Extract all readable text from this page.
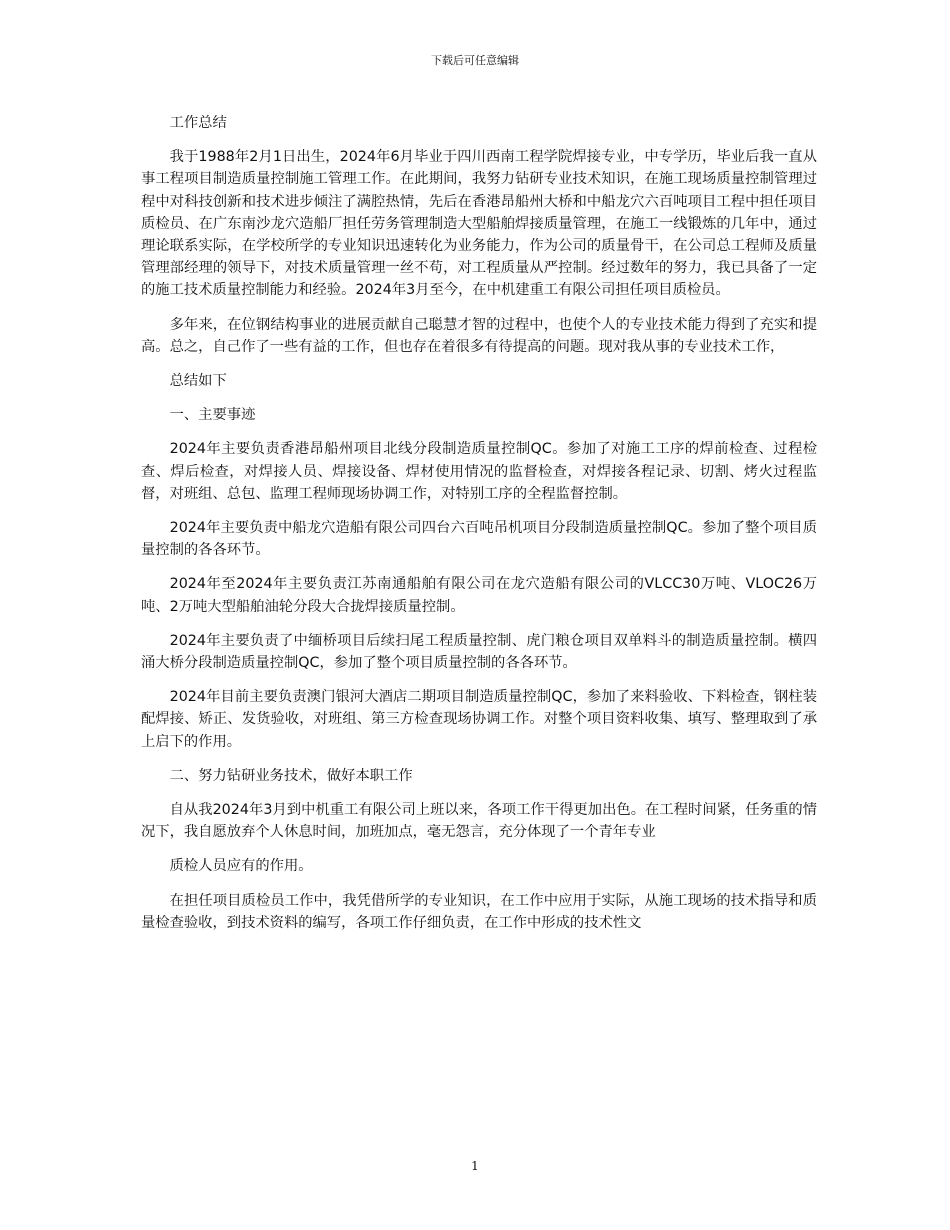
下载后可任意编辑

工作总结

我于1988年2月1日出生，2024年6月毕业于四川西南工程学院焊接专业，中专学历，毕业后我一直从事工程项目制造质量控制施工管理工作。在此期间，我努力钻研专业技术知识，在施工现场质量控制管理过程中对科技创新和技术进步倾注了满腔热情，先后在香港昂船州大桥和中船龙穴六百吨项目工程中担任项目质检员、在广东南沙龙穴造船厂担任劳务管理制造大型船舶焊接质量管理，在施工一线锻炼的几年中，通过理论联系实际，在学校所学的专业知识迅速转化为业务能力，作为公司的质量骨干，在公司总工程师及质量管理部经理的领导下，对技术质量管理一丝不苟，对工程质量从严控制。经过数年的努力，我已具备了一定的施工技术质量控制能力和经验。2024年3月至今，在中机建重工有限公司担任项目质检员。

多年来，在位钢结构事业的进展贡献自己聪慧才智的过程中，也使个人的专业技术能力得到了充实和提高。总之，自己作了一些有益的工作，但也存在着很多有待提高的问题。现对我从事的专业技术工作，

总结如下

一、主要事迹

2024年主要负责香港昂船州项目北线分段制造质量控制QC。参加了对施工工序的焊前检查、过程检查、焊后检查，对焊接人员、焊接设备、焊材使用情况的监督检查，对焊接各程记录、切割、烤火过程监督，对班组、总包、监理工程师现场协调工作，对特别工序的全程监督控制。

2024年主要负责中船龙穴造船有限公司四台六百吨吊机项目分段制造质量控制QC。参加了整个项目质量控制的各各环节。

2024年至2024年主要负责江苏南通船舶有限公司在龙穴造船有限公司的VLCC30万吨、VLOC26万吨、2万吨大型船舶油轮分段大合拢焊接质量控制。

2024年主要负责了中缅桥项目后续扫尾工程质量控制、虎门粮仓项目双单料斗的制造质量控制。横四涌大桥分段制造质量控制QC，参加了整个项目质量控制的各各环节。

2024年目前主要负责澳门银河大酒店二期项目制造质量控制QC，参加了来料验收、下料检查，钢柱装配焊接、矫正、发货验收，对班组、第三方检查现场协调工作。对整个项目资料收集、填写、整理取到了承上启下的作用。

二、努力钻研业务技术，做好本职工作

自从我2024年3月到中机重工有限公司上班以来，各项工作干得更加出色。在工程时间紧，任务重的情况下，我自愿放弃个人休息时间，加班加点，毫无怨言，充分体现了一个青年专业

质检人员应有的作用。

在担任项目质检员工作中，我凭借所学的专业知识，在工作中应用于实际，从施工现场的技术指导和质量检查验收，到技术资料的编写，各项工作仔细负责，在工作中形成的技术性文

1
